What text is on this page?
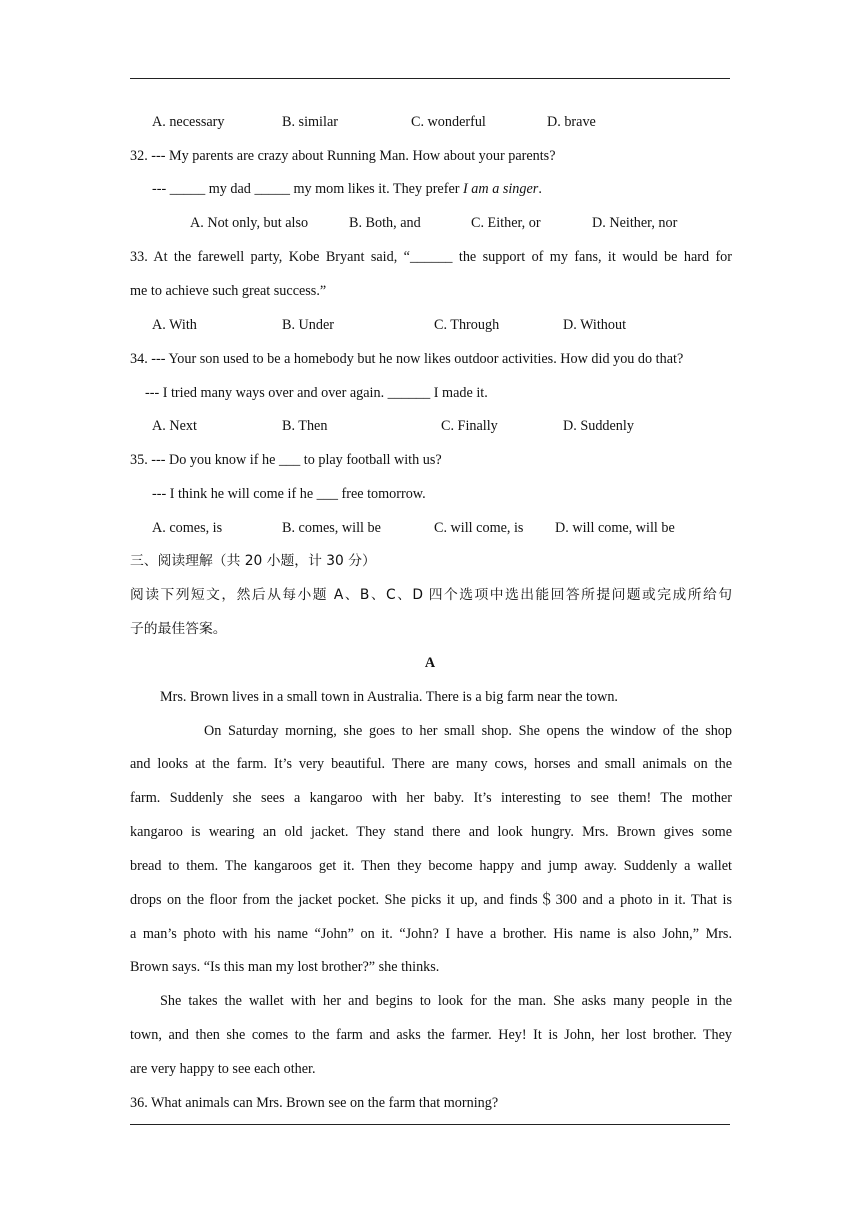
A. necessary	B. similar	C. wonderful	D. brave
32. --- My parents are crazy about Running Man. How about your parents?
--- _____ my dad _____ my mom likes it. They prefer I am a singer.
A. Not only, but also	B. Both, and	C. Either, or	D. Neither, nor
33. At the farewell party, Kobe Bryant said, “______ the support of my fans, it would be hard for
me to achieve such great success.”
A. With	B. Under	C. Through	D. Without
34. --- Your son used to be a homebody but he now likes outdoor activities. How did you do that?
--- I tried many ways over and over again. ______ I made it.
A. Next	B. Then	C. Finally	D. Suddenly
35. --- Do you know if he ___ to play football with us?
--- I think he will come if he ___ free tomorrow.
A. comes, is	B. comes, will be	C. will come, is D. will come, will be
三、阅读理解（共 20 小题，计 30 分）
阅读下列短文，然后从每小题 A、B、C、D 四个选项中选出能回答所提问题或完成所给句
子的最佳答案。
A
Mrs. Brown lives in a small town in Australia. There is a big farm near the town.
On Saturday morning, she goes to her small shop. She opens the window of the shop
and looks at the farm. It’s very beautiful. There are many cows, horses and small animals on the
farm. Suddenly she sees a kangaroo with her baby. It’s interesting to see them! The mother
kangaroo is wearing an old jacket. They stand there and look hungry. Mrs. Brown gives some
bread to them. The kangaroos get it. Then they become happy and jump away. Suddenly a wallet
drops on the floor from the jacket pocket. She picks it up, and finds＄300 and a photo in it. That is
a man’s photo with his name “John” on it. “John? I have a brother. His name is also John,” Mrs.
Brown says. “Is this man my lost brother?” she thinks.
She takes the wallet with her and begins to look for the man. She asks many people in the
town, and then she comes to the farm and asks the farmer. Hey! It is John, her lost brother. They
are very happy to see each other.
36. What animals can Mrs. Brown see on the farm that morning?
